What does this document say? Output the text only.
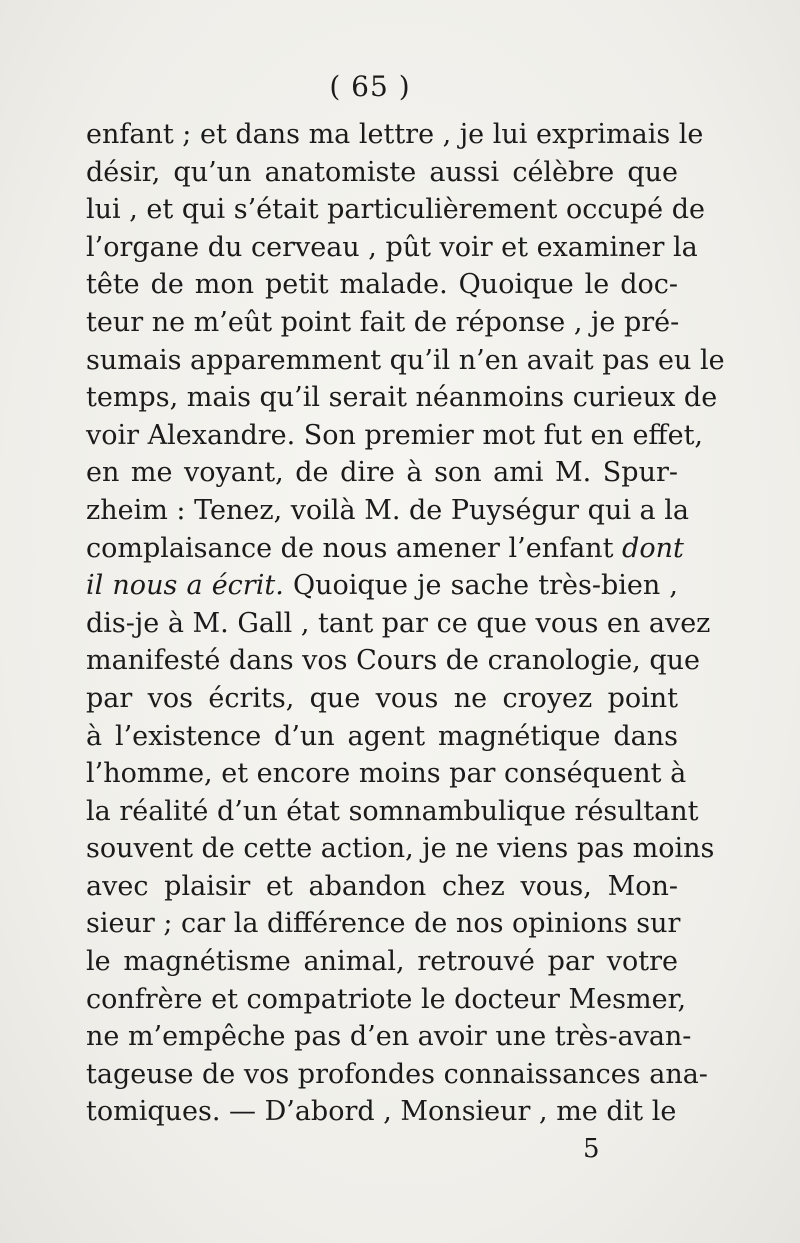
( 65 )
enfant ; et dans ma lettre , je lui exprimais le
désir, qu’un anatomiste aussi célèbre que
lui , et qui s’était particulièrement occupé de
l’organe du cerveau , pût voir et examiner la
tête de mon petit malade. Quoique le doc-
teur ne m’eût point fait de réponse , je pré-
sumais apparemment qu’il n’en avait pas eu le
temps, mais qu’il serait néanmoins curieux de
voir Alexandre. Son premier mot fut en effet,
en me voyant, de dire à son ami M. Spur-
zheim : Tenez, voilà M. de Puységur qui a la
complaisance de nous amener l’enfant dont
il nous a écrit. Quoique je sache très-bien ,
dis-je à M. Gall , tant par ce que vous en avez
manifesté dans vos Cours de cranologie, que
par vos écrits, que vous ne croyez point
à l’existence d’un agent magnétique dans
l’homme, et encore moins par conséquent à
la réalité d’un état somnambulique résultant
souvent de cette action, je ne viens pas moins
avec plaisir et abandon chez vous, Mon-
sieur ; car la différence de nos opinions sur
le magnétisme animal, retrouvé par votre
confrère et compatriote le docteur Mesmer,
ne m’empêche pas d’en avoir une très-avan-
tageuse de vos profondes connaissances ana-
tomiques. — D’abord , Monsieur , me dit le
5
